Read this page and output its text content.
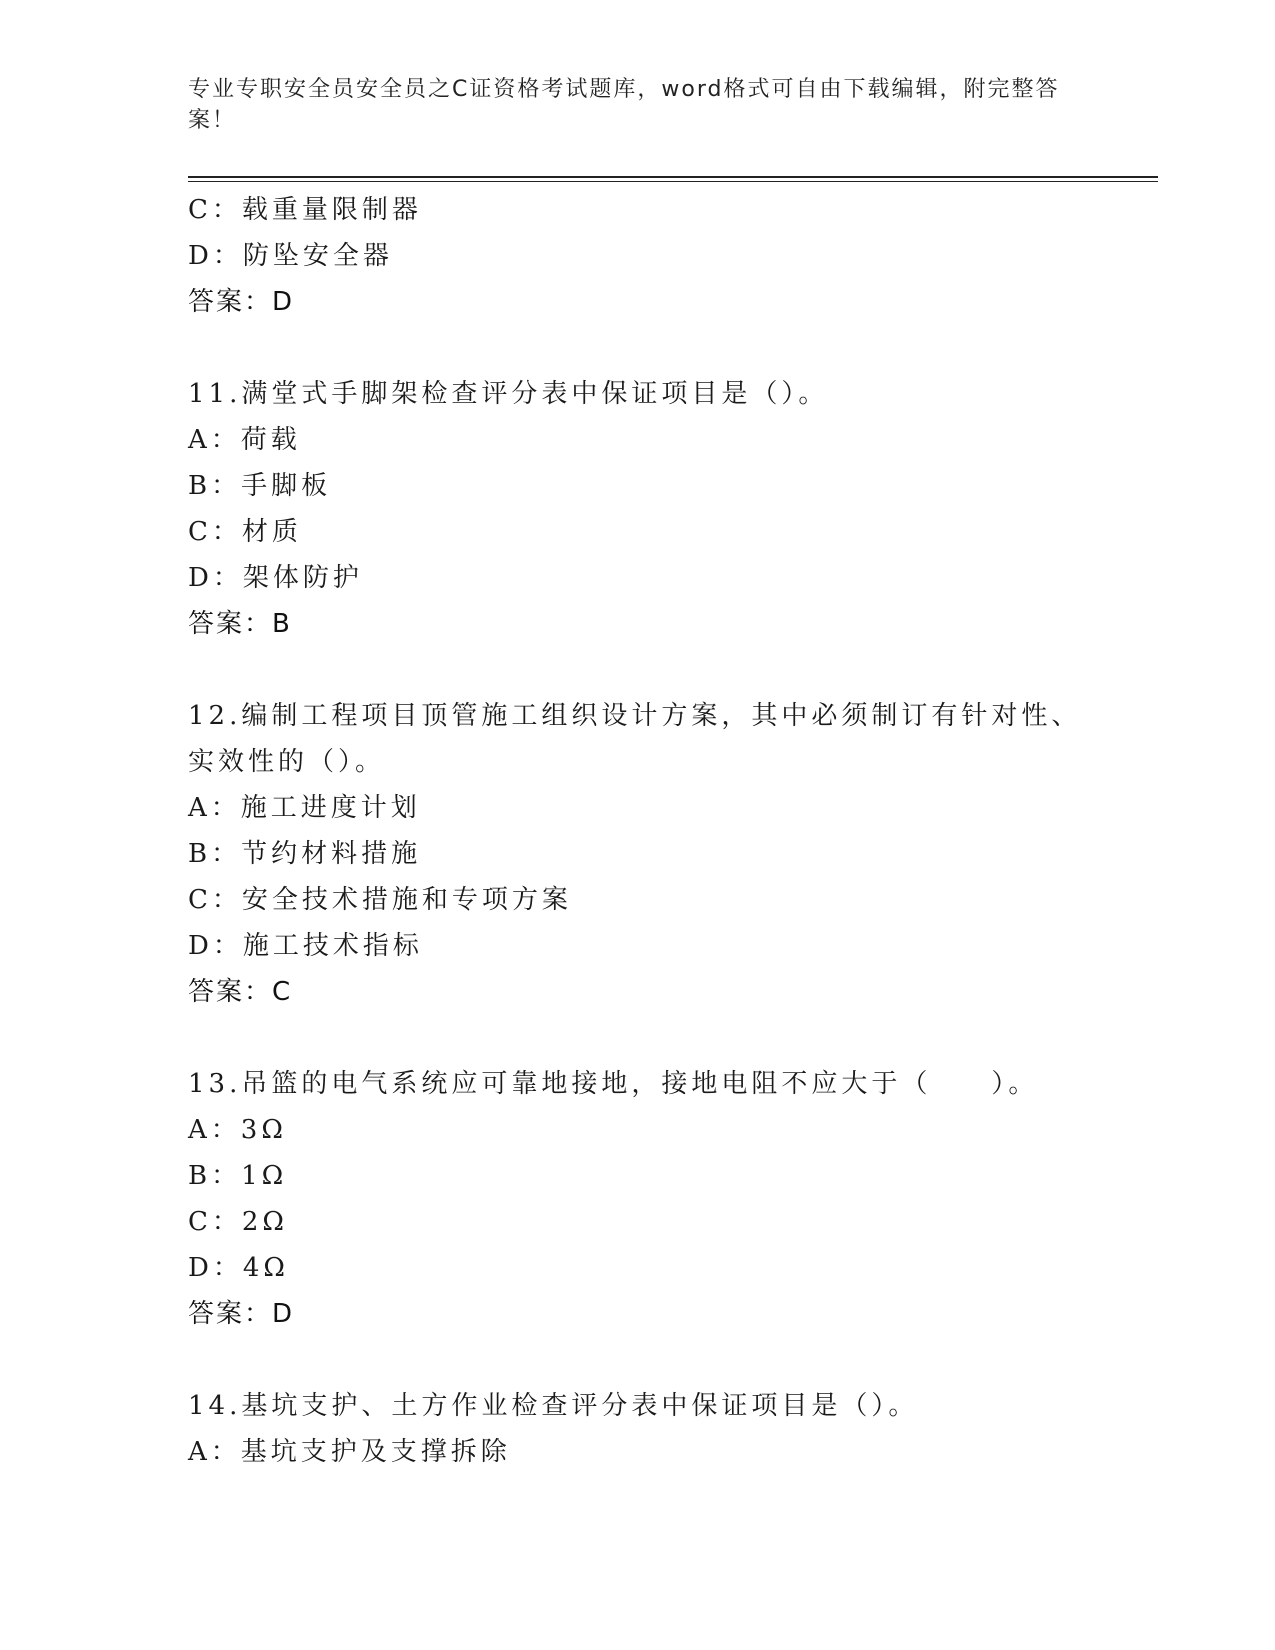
专业专职安全员安全员之C证资格考试题库，word格式可自由下载编辑，附完整答案！
C：载重量限制器
D：防坠安全器
答案：D
11.满堂式手脚架检查评分表中保证项目是（）。
A：荷载
B：手脚板
C：材质
D：架体防护
答案：B
12.编制工程项目顶管施工组织设计方案，其中必须制订有针对性、实效性的（）。
A：施工进度计划
B：节约材料措施
C：安全技术措施和专项方案
D：施工技术指标
答案：C
13.吊篮的电气系统应可靠地接地，接地电阻不应大于（　　）。
A：3Ω
B：1Ω
C：2Ω
D：4Ω
答案：D
14.基坑支护、土方作业检查评分表中保证项目是（）。
A：基坑支护及支撑拆除
